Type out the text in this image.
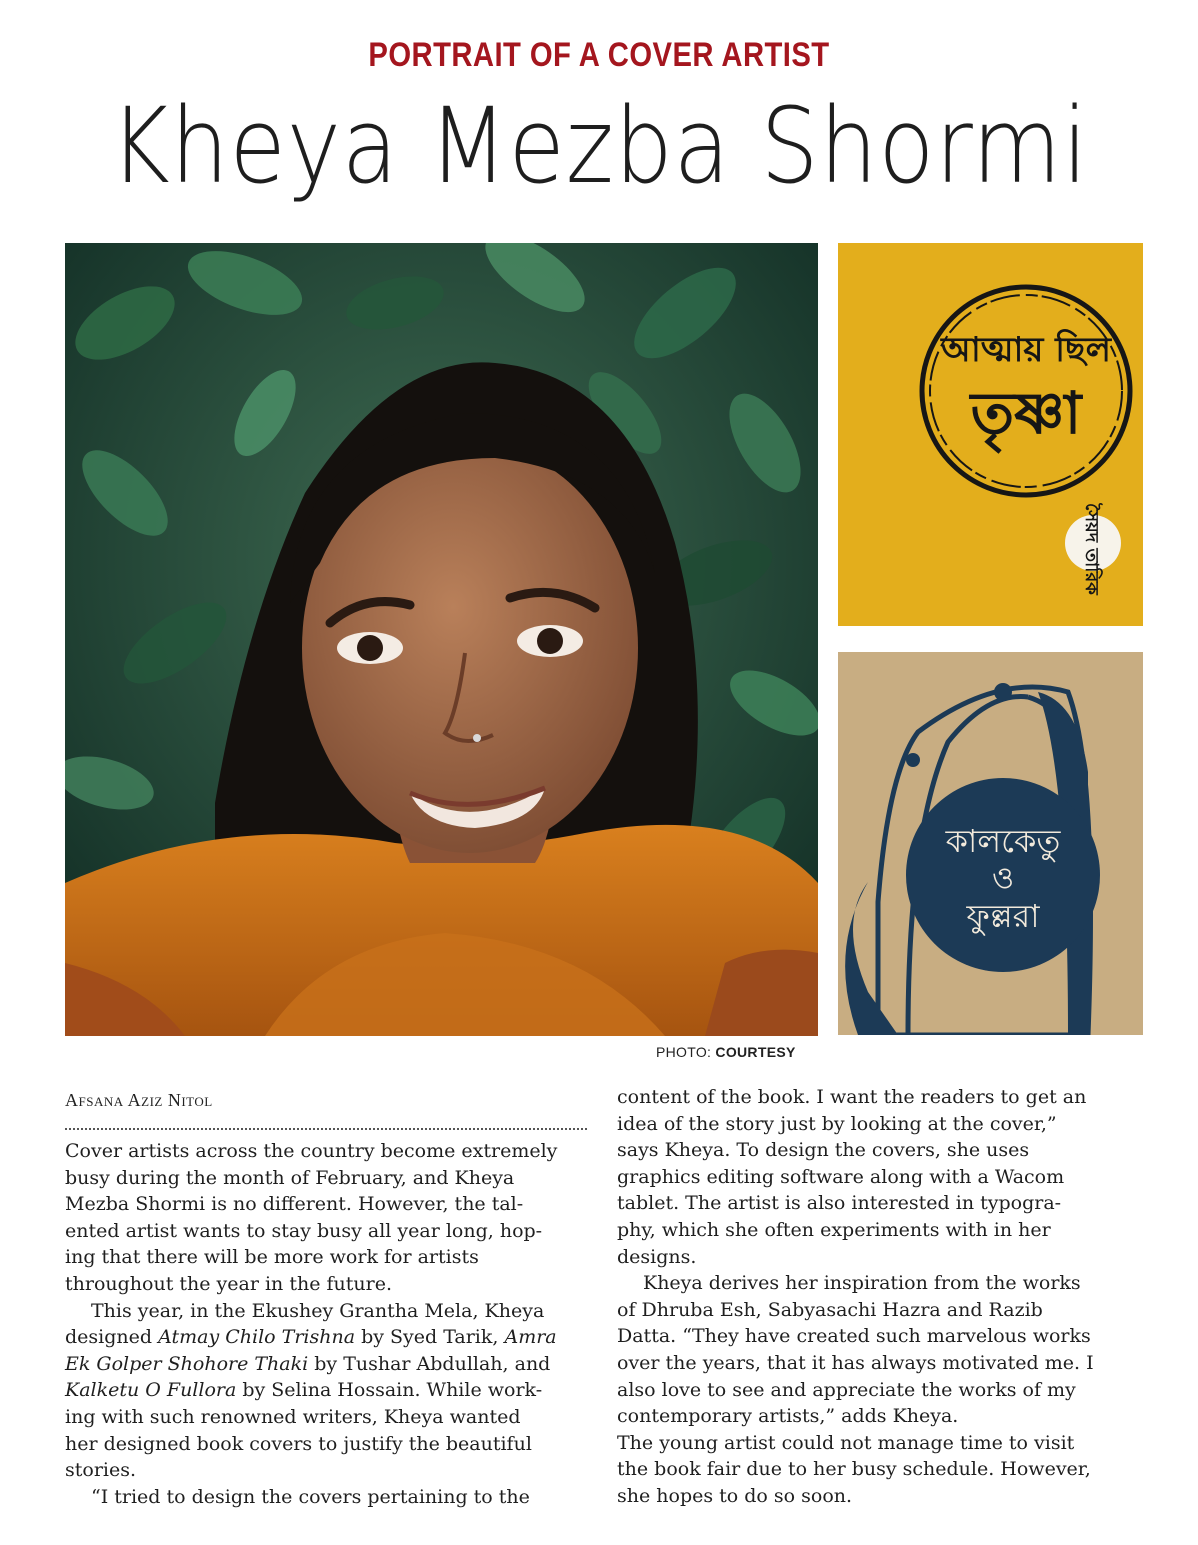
PORTRAIT OF A COVER ARTIST
Kheya Mezba Shormi
আত্মায় ছিল
তৃষ্ণা
সৈয়দ তারিক
কালকেতু
ও
ফুল্লরা
PHOTO: COURTESY
Afsana Aziz Nitol

Cover artists across the country become extremely
busy during the month of February, and Kheya
Mezba Shormi is no different. However, the tal-
ented artist wants to stay busy all year long, hop-
ing that there will be more work for artists
throughout the year in the future.

This year, in the Ekushey Grantha Mela, Kheya
designed Atmay Chilo Trishna by Syed Tarik, Amra
Ek Golper Shohore Thaki by Tushar Abdullah, and
Kalketu O Fullora by Selina Hossain. While work-
ing with such renowned writers, Kheya wanted
her designed book covers to justify the beautiful
stories.

“I tried to design the covers pertaining to the

content of the book. I want the readers to get an
idea of the story just by looking at the cover,”
says Kheya. To design the covers, she uses
graphics editing software along with a Wacom
tablet. The artist is also interested in typogra-
phy, which she often experiments with in her
designs.

Kheya derives her inspiration from the works
of Dhruba Esh, Sabyasachi Hazra and Razib
Datta. “They have created such marvelous works
over the years, that it has always motivated me. I
also love to see and appreciate the works of my
contemporary artists,” adds Kheya.

The young artist could not manage time to visit
the book fair due to her busy schedule. However,
she hopes to do so soon.
